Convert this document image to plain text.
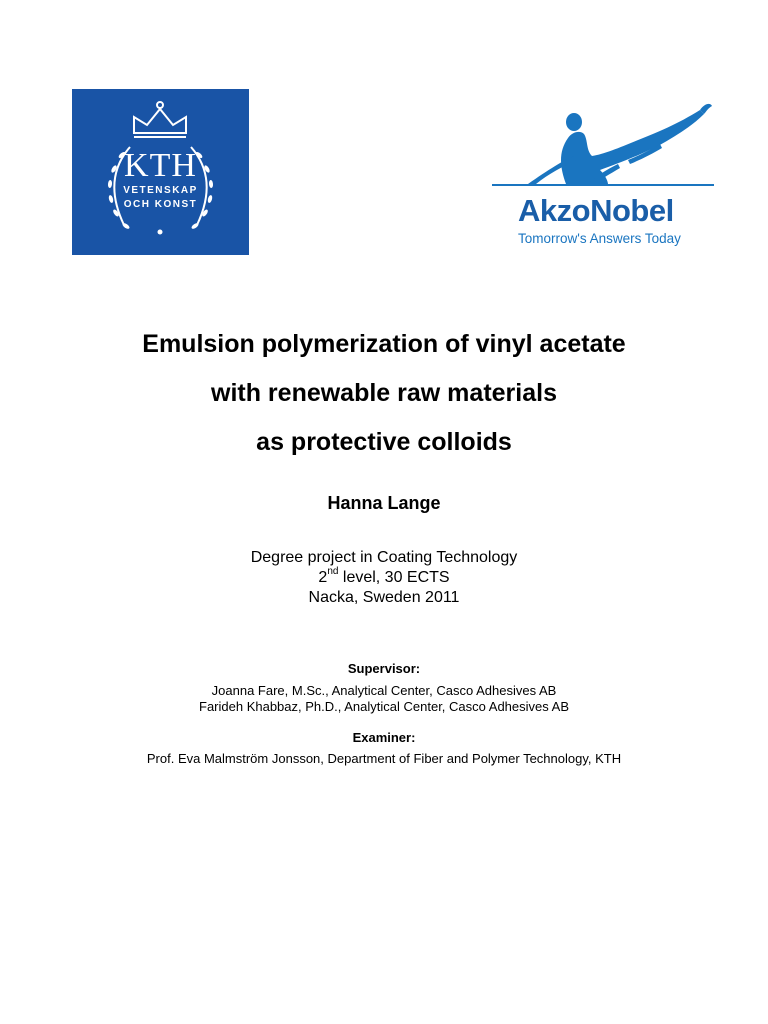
KTH
VETENSKAP
OCH KONST	AkzoNobel
Tomorrow's Answers Today
Emulsion polymerization of vinyl acetate
with renewable raw materials
as protective colloids
Hanna Lange
Degree project in Coating Technology
2nd level, 30 ECTS
Nacka, Sweden 2011
Supervisor:
Joanna Fare, M.Sc., Analytical Center, Casco Adhesives AB
Farideh Khabbaz, Ph.D., Analytical Center, Casco Adhesives AB
Examiner:
Prof. Eva Malmström Jonsson, Department of Fiber and Polymer Technology, KTH
